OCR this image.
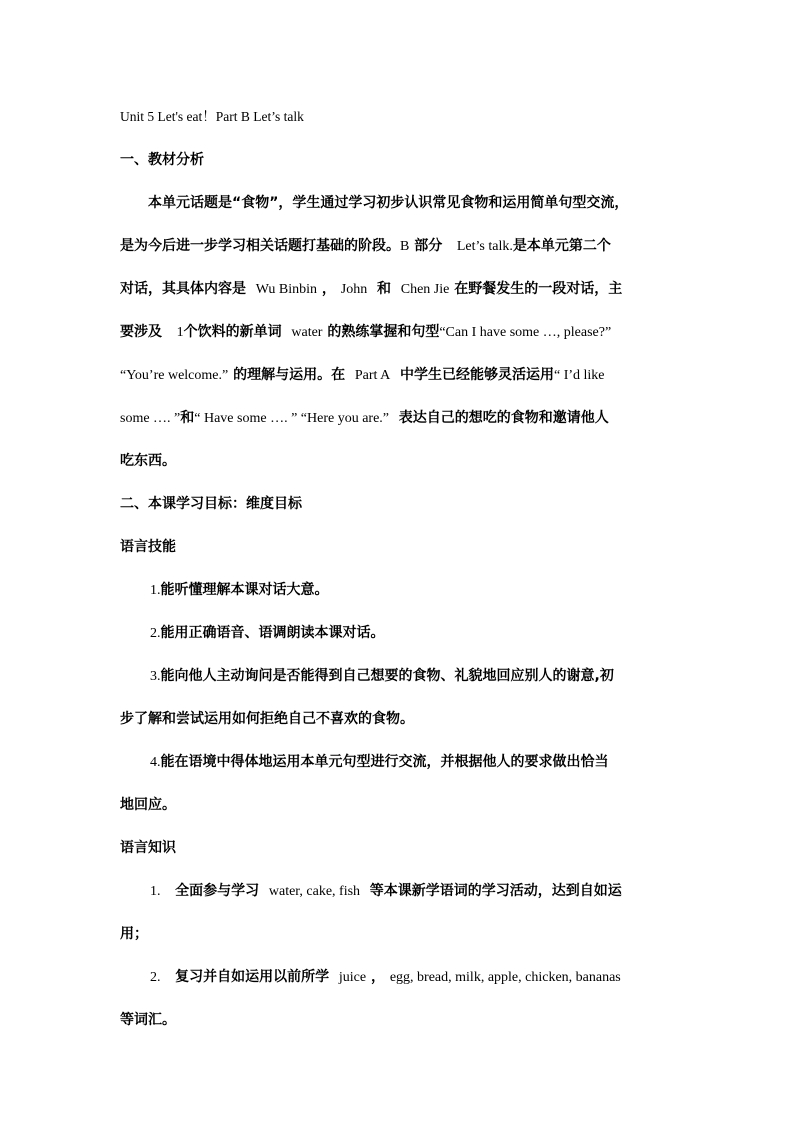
Unit 5 Let's eat！Part B Let’s talk
一、教材分析
本单元话题是“食物”，学生通过学习初步认识常见食物和运用简单句型交流，
是为今后进一步学习相关话题打基础的阶段。B 部分 Let’s talk.是本单元第二个
对话，其具体内容是 Wu Binbin ， John 和 Chen Jie 在野餐发生的一段对话，主
要涉及 1个饮料的新单词 water 的熟练掌握和句型“Can I have some …, please?”
“You’re welcome.” 的理解与运用。在 Part A 中学生已经能够灵活运用“ I’d like
some …. ”和“ Have some …. ” “Here you are.” 表达自己的想吃的食物和邀请他人
吃东西。
二、本课学习目标：维度目标
语言技能
1.能听懂理解本课对话大意。
2.能用正确语音、语调朗读本课对话。
3.能向他人主动询问是否能得到自己想要的食物、礼貌地回应别人的谢意,初
步了解和尝试运用如何拒绝自己不喜欢的食物。
4.能在语境中得体地运用本单元句型进行交流，并根据他人的要求做出恰当
地回应。
语言知识
1. 全面参与学习 water, cake, fish 等本课新学语词的学习活动，达到自如运
用；
2. 复习并自如运用以前所学 juice ， egg, bread, milk, apple, chicken, bananas
等词汇。
